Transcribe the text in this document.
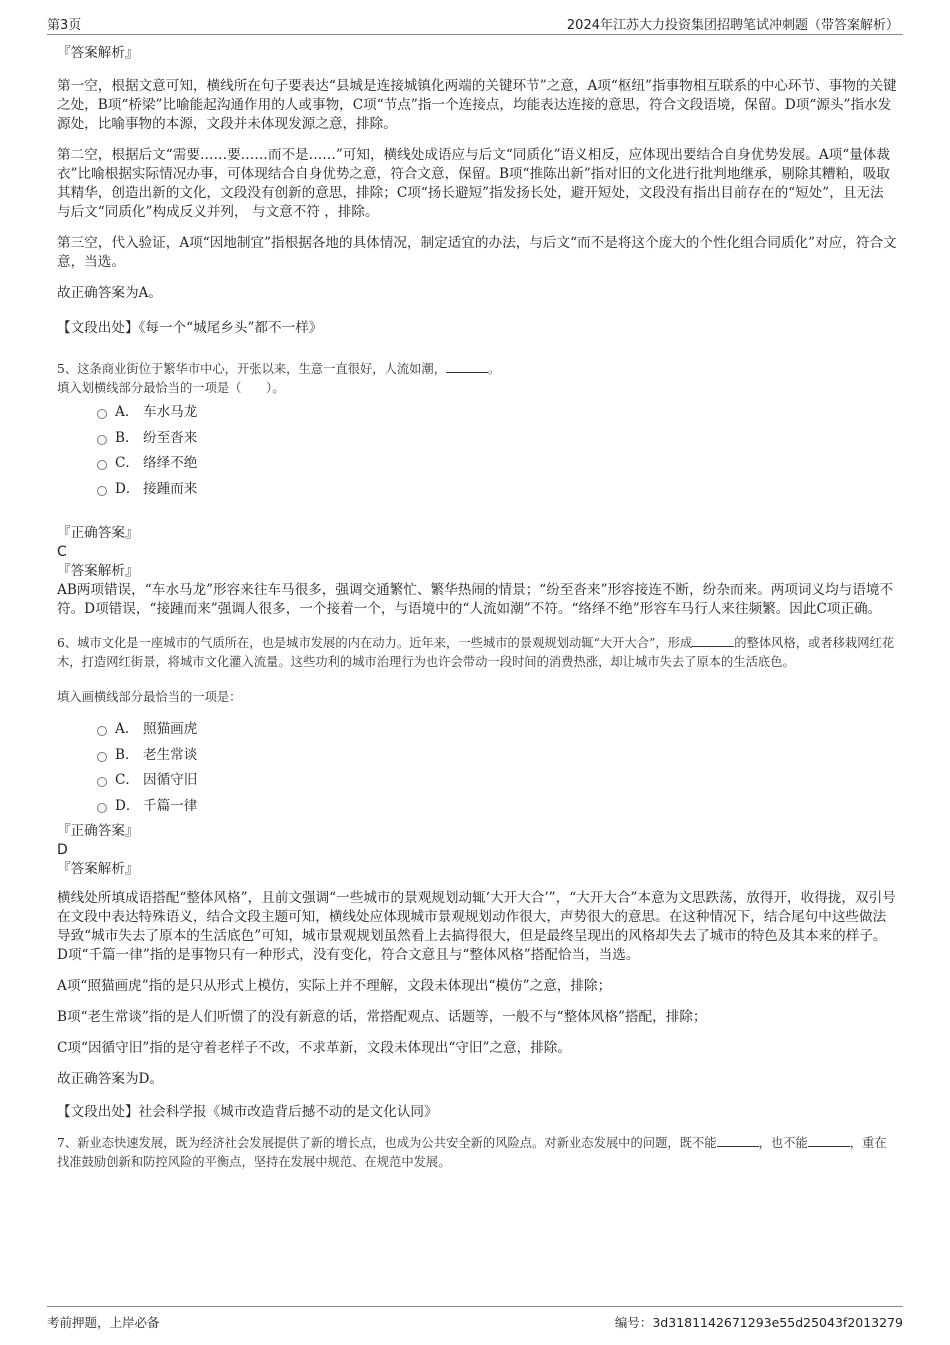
第3页	2024年江苏大力投资集团招聘笔试冲刺题（带答案解析）

『答案解析』

第一空，根据文意可知，横线所在句子要表达“县城是连接城镇化两端的关键环节”之意，A项“枢纽”指事物相互联系的中心环节、事物的关键之处，B项“桥梁”比喻能起沟通作用的人或事物，C项“节点”指一个连接点，均能表达连接的意思，符合文段语境，保留。D项“源头”指水发源处，比喻事物的本源，文段并未体现发源之意，排除。

第二空，根据后文“需要……要……而不是……”可知，横线处成语应与后文“同质化”语义相反，应体现出要结合自身优势发展。A项“量体裁衣”比喻根据实际情况办事，可体现结合自身优势之意，符合文意，保留。B项“推陈出新”指对旧的文化进行批判地继承，剔除其糟粕，吸取其精华，创造出新的文化，文段没有创新的意思，排除；C项“扬长避短”指发扬长处，避开短处，文段没有指出目前存在的“短处”，且无法与后文“同质化”构成反义并列， 与文意不符 ，排除。

第三空，代入验证，A项“因地制宜”指根据各地的具体情况，制定适宜的办法，与后文“而不是将这个庞大的个性化组合同质化”对应，符合文意，当选。

故正确答案为A。

【文段出处】《每一个“城尾乡头”都不一样》

5、这条商业街位于繁华市中心，开张以来，生意一直很好，人流如潮，	。

填入划横线部分最恰当的一项是（　　）。

A． 车水马龙
B． 纷至沓来
C． 络绎不绝
D． 接踵而来

『正确答案』

C

『答案解析』

AB两项错误，“车水马龙”形容来往车马很多，强调交通繁忙、繁华热闹的情景；“纷至沓来”形容接连不断，纷杂而来。两项词义均与语境不符。D项错误，“接踵而来”强调人很多，一个接着一个，与语境中的“人流如潮”不符。“络绎不绝”形容车马行人来往频繁。因此C项正确。

6、城市文化是一座城市的气质所在，也是城市发展的内在动力。近年来，一些城市的景观规划动辄“大开大合”，形成	的整体风格，或者移栽网红花木，打造网红街景，将城市文化灌入流量。这些功利的城市治理行为也许会带动一段时间的消费热涨，却让城市失去了原本的生活底色。

填入画横线部分最恰当的一项是：

A． 照猫画虎
B． 老生常谈
C． 因循守旧
D． 千篇一律

『正确答案』

D

『答案解析』

横线处所填成语搭配“整体风格”，且前文强调“一些城市的景观规划动辄‘大开大合’”，“大开大合”本意为文思跌荡，放得开，收得拢，双引号在文段中表达特殊语义，结合文段主题可知，横线处应体现城市景观规划动作很大，声势很大的意思。在这种情况下，结合尾句中这些做法导致“城市失去了原本的生活底色”可知，城市景观规划虽然看上去搞得很大，但是最终呈现出的风格却失去了城市的特色及其本来的样子。D项“千篇一律”指的是事物只有一种形式，没有变化，符合文意且与“整体风格”搭配恰当，当选。

A项“照猫画虎”指的是只从形式上模仿，实际上并不理解，文段未体现出“模仿”之意，排除；

B项“老生常谈”指的是人们听惯了的没有新意的话，常搭配观点、话题等，一般不与“整体风格”搭配，排除；

C项“因循守旧”指的是守着老样子不改，不求革新，文段未体现出“守旧”之意，排除。

故正确答案为D。

【文段出处】社会科学报《城市改造背后撼不动的是文化认同》

7、新业态快速发展，既为经济社会发展提供了新的增长点，也成为公共安全新的风险点。对新业态发展中的问题，既不能	，也不能	，重在找准鼓励创新和防控风险的平衡点，坚持在发展中规范、在规范中发展。

考前押题，上岸必备	编号：3d3181142671293e55d25043f2013279
